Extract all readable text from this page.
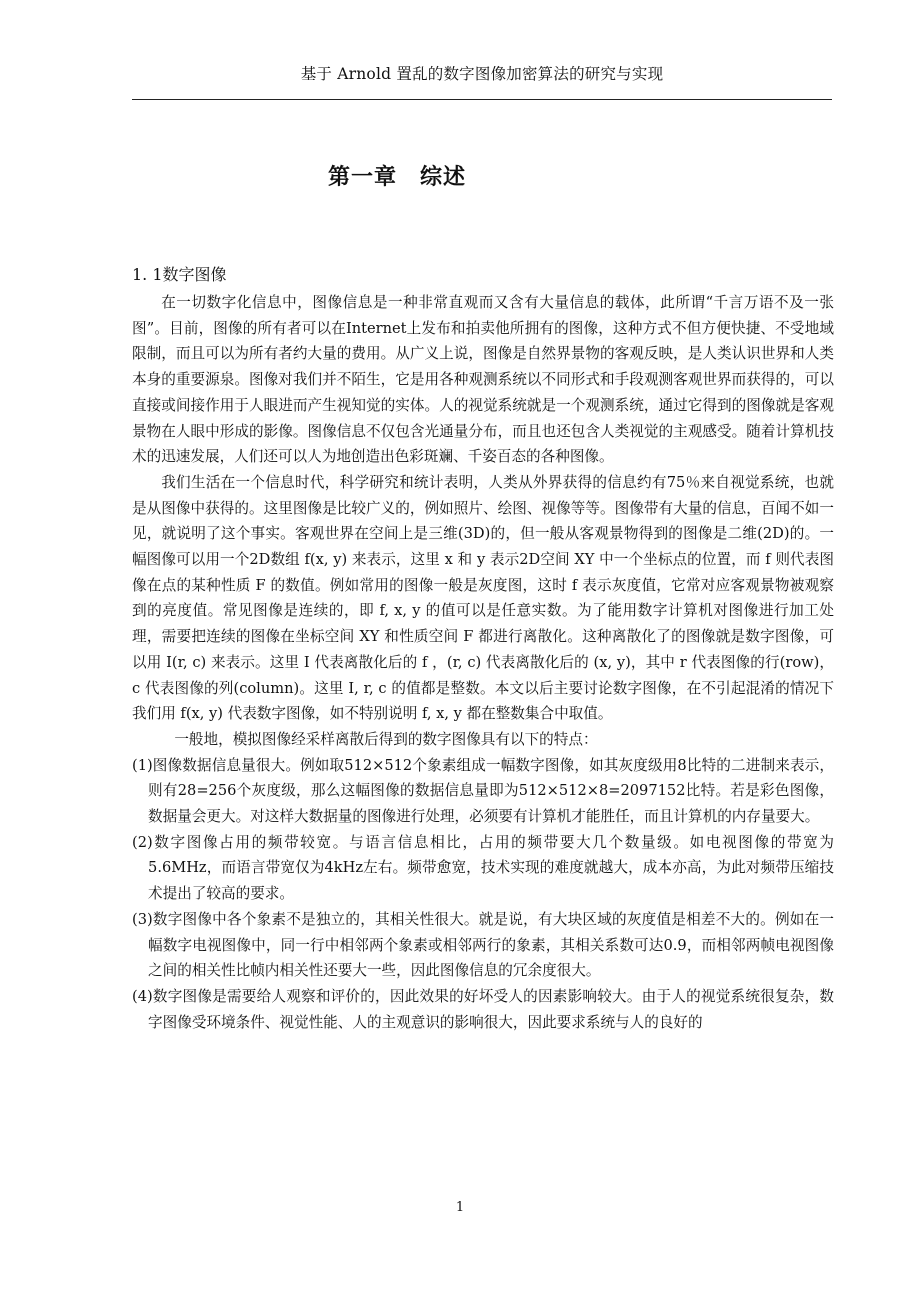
基于 Arnold 置乱的数字图像加密算法的研究与实现
第一章　综述
1. 1数字图像

在一切数字化信息中，图像信息是一种非常直观而又含有大量信息的载体，此所谓“千言万语不及一张图”。目前，图像的所有者可以在Internet上发布和拍卖他所拥有的图像，这种方式不但方便快捷、不受地域限制，而且可以为所有者约大量的费用。从广义上说，图像是自然界景物的客观反映，是人类认识世界和人类本身的重要源泉。图像对我们并不陌生，它是用各种观测系统以不同形式和手段观测客观世界而获得的，可以直接或间接作用于人眼进而产生视知觉的实体。人的视觉系统就是一个观测系统，通过它得到的图像就是客观景物在人眼中形成的影像。图像信息不仅包含光通量分布，而且也还包含人类视觉的主观感受。随着计算机技术的迅速发展，人们还可以人为地创造出色彩斑斓、千姿百态的各种图像。

我们生活在一个信息时代，科学研究和统计表明，人类从外界获得的信息约有75％来自视觉系统，也就是从图像中获得的。这里图像是比较广义的，例如照片、绘图、视像等等。图像带有大量的信息，百闻不如一见，就说明了这个事实。客观世界在空间上是三维(3D)的，但一般从客观景物得到的图像是二维(2D)的。一幅图像可以用一个2D数组 f(x, y) 来表示，这里 x 和 y 表示2D空间 XY 中一个坐标点的位置，而 f 则代表图像在点的某种性质 F 的数值。例如常用的图像一般是灰度图，这时 f 表示灰度值，它常对应客观景物被观察到的亮度值。常见图像是连续的，即 f, x, y 的值可以是任意实数。为了能用数字计算机对图像进行加工处理，需要把连续的图像在坐标空间 XY 和性质空间 F 都进行离散化。这种离散化了的图像就是数字图像，可以用 I(r, c) 来表示。这里 I 代表离散化后的 f ，(r, c) 代表离散化后的 (x, y)，其中 r 代表图像的行(row)，c 代表图像的列(column)。这里 I, r, c 的值都是整数。本文以后主要讨论数字图像，在不引起混淆的情况下我们用 f(x, y) 代表数字图像，如不特别说明 f, x, y 都在整数集合中取值。

一般地，模拟图像经采样离散后得到的数字图像具有以下的特点：

(1)图像数据信息量很大。例如取512×512个象素组成一幅数字图像，如其灰度级用8比特的二进制来表示，则有28=256个灰度级，那么这幅图像的数据信息量即为512×512×8=2097152比特。若是彩色图像，数据量会更大。对这样大数据量的图像进行处理，必须要有计算机才能胜任，而且计算机的内存量要大。

(2)数字图像占用的频带较宽。与语言信息相比，占用的频带要大几个数量级。如电视图像的带宽为5.6MHz，而语言带宽仅为4kHz左右。频带愈宽，技术实现的难度就越大，成本亦高，为此对频带压缩技术提出了较高的要求。

(3)数字图像中各个象素不是独立的，其相关性很大。就是说，有大块区域的灰度值是相差不大的。例如在一幅数字电视图像中，同一行中相邻两个象素或相邻两行的象素，其相关系数可达0.9，而相邻两帧电视图像之间的相关性比帧内相关性还要大一些，因此图像信息的冗余度很大。

(4)数字图像是需要给人观察和评价的，因此效果的好坏受人的因素影响较大。由于人的视觉系统很复杂，数字图像受环境条件、视觉性能、人的主观意识的影响很大，因此要求系统与人的良好的

1
